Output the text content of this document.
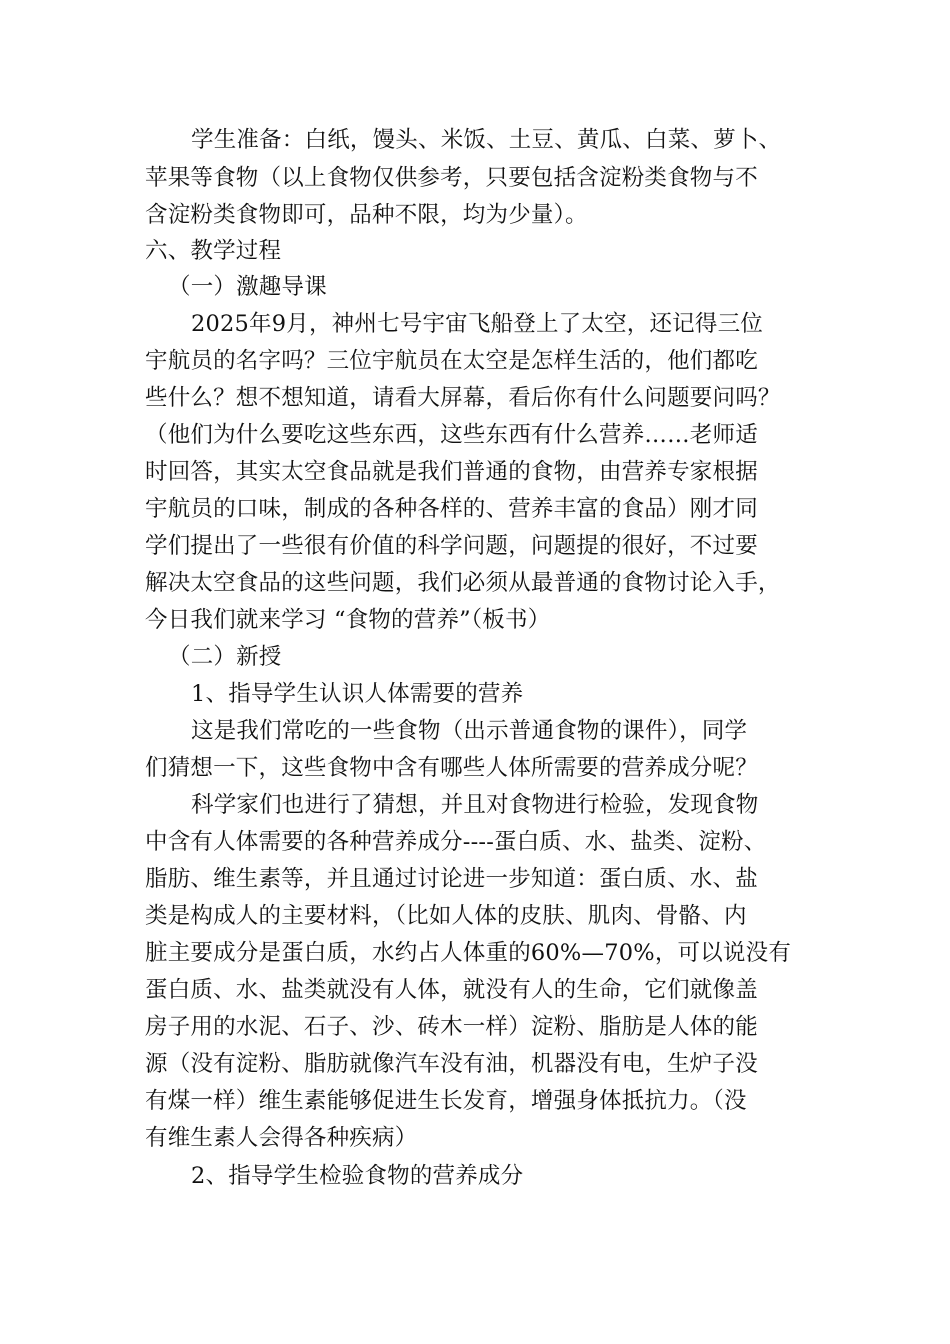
学生准备：白纸，馒头、米饭、土豆、黄瓜、白菜、萝卜、
苹果等食物（以上食物仅供参考，只要包括含淀粉类食物与不
含淀粉类食物即可，品种不限，均为少量）。
六、教学过程
（一）激趣导课
2025年9月，神州七号宇宙飞船登上了太空，还记得三位
宇航员的名字吗？三位宇航员在太空是怎样生活的，他们都吃
些什么？想不想知道，请看大屏幕，看后你有什么问题要问吗？
（他们为什么要吃这些东西，这些东西有什么营养……老师适
时回答，其实太空食品就是我们普通的食物，由营养专家根据
宇航员的口味，制成的各种各样的、营养丰富的食品）刚才同
学们提出了一些很有价值的科学问题，问题提的很好，不过要
解决太空食品的这些问题，我们必须从最普通的食物讨论入手，
今日我们就来学习 “食物的营养”（板书）
（二）新授
1、指导学生认识人体需要的营养
这是我们常吃的一些食物（出示普通食物的课件），同学
们猜想一下，这些食物中含有哪些人体所需要的营养成分呢？
科学家们也进行了猜想，并且对食物进行检验，发现食物
中含有人体需要的各种营养成分----蛋白质、水、盐类、淀粉、
脂肪、维生素等，并且通过讨论进一步知道：蛋白质、水、盐
类是构成人的主要材料，（比如人体的皮肤、肌肉、骨骼、内
脏主要成分是蛋白质，水约占人体重的60%—70%，可以说没有
蛋白质、水、盐类就没有人体，就没有人的生命，它们就像盖
房子用的水泥、石子、沙、砖木一样）淀粉、脂肪是人体的能
源（没有淀粉、脂肪就像汽车没有油，机器没有电，生炉子没
有煤一样）维生素能够促进生长发育，增强身体抵抗力。（没
有维生素人会得各种疾病）
2、指导学生检验食物的营养成分
